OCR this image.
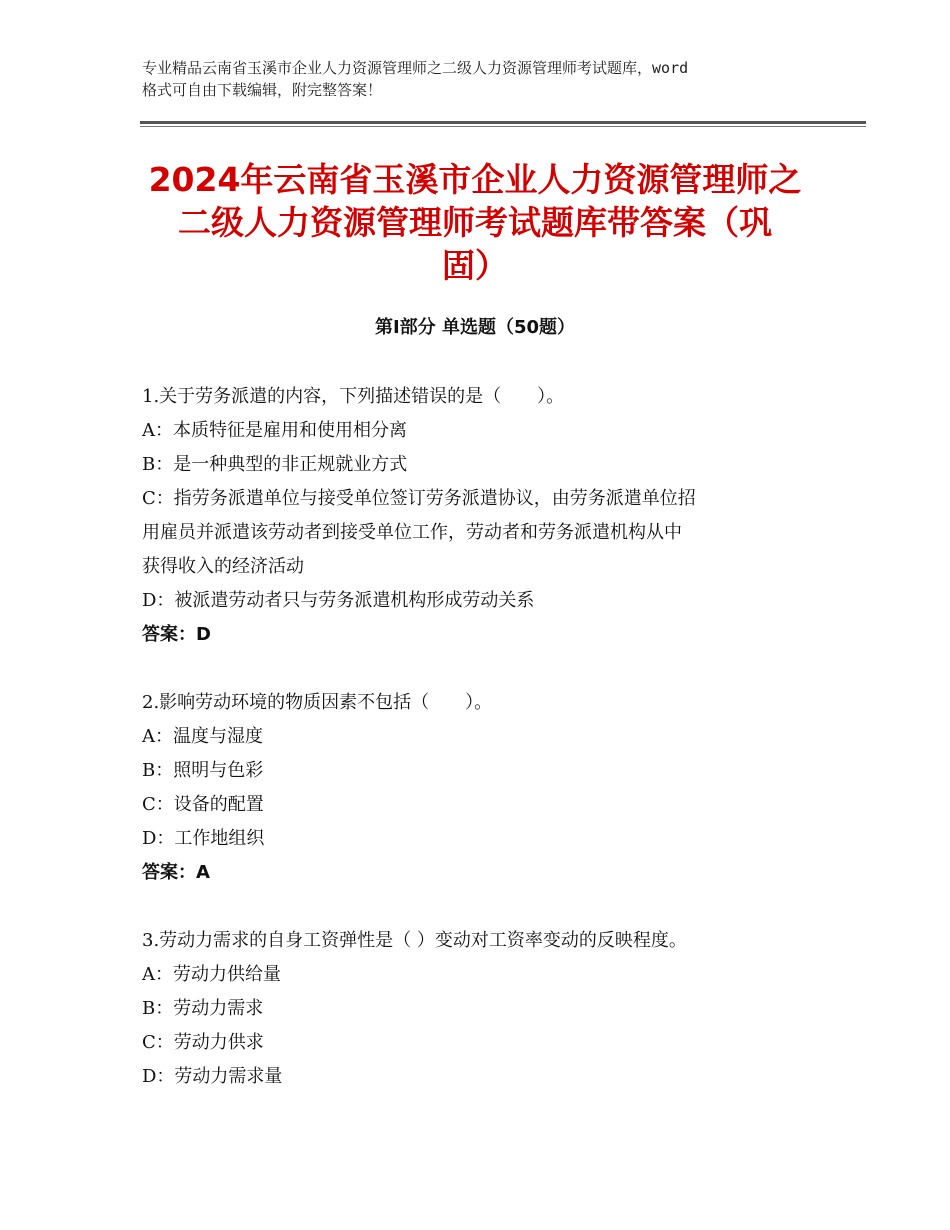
专业精品云南省玉溪市企业人力资源管理师之二级人力资源管理师考试题库，word
格式可自由下载编辑，附完整答案！
2024年云南省玉溪市企业人力资源管理师之
二级人力资源管理师考试题库带答案（巩
固）
第Ⅰ部分 单选题（50题）
1.关于劳务派遣的内容，下列描述错误的是（　　）。
A：本质特征是雇用和使用相分离
B：是一种典型的非正规就业方式
C：指劳务派遣单位与接受单位签订劳务派遣协议，由劳务派遣单位招
用雇员并派遣该劳动者到接受单位工作，劳动者和劳务派遣机构从中
获得收入的经济活动
D：被派遣劳动者只与劳务派遣机构形成劳动关系
答案：D
2.影响劳动环境的物质因素不包括（　　）。
A：温度与湿度
B：照明与色彩
C：设备的配置
D：工作地组织
答案：A
3.劳动力需求的自身工资弹性是（ ）变动对工资率变动的反映程度。
A：劳动力供给量
B：劳动力需求
C：劳动力供求
D：劳动力需求量
